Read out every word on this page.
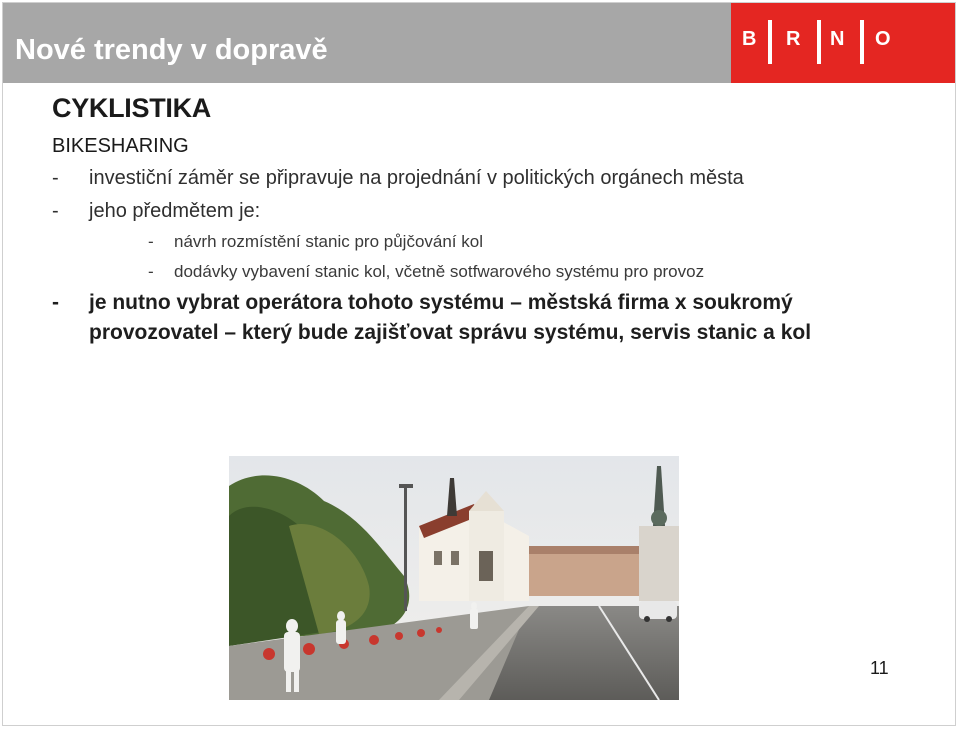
Nové trendy v dopravě	B R N O
CYKLISTIKA
BIKESHARING
-	investiční záměr se připravuje na projednání v politických orgánech města
-	jeho předmětem je:
-	návrh rozmístění stanic pro půjčování kol
-	dodávky vybavení stanic kol, včetně sotfwarového systému pro provoz
-	je nutno vybrat operátora tohoto systému – městská firma x soukromý provozovatel – který bude zajišťovat správu systému, servis stanic a kol
11
